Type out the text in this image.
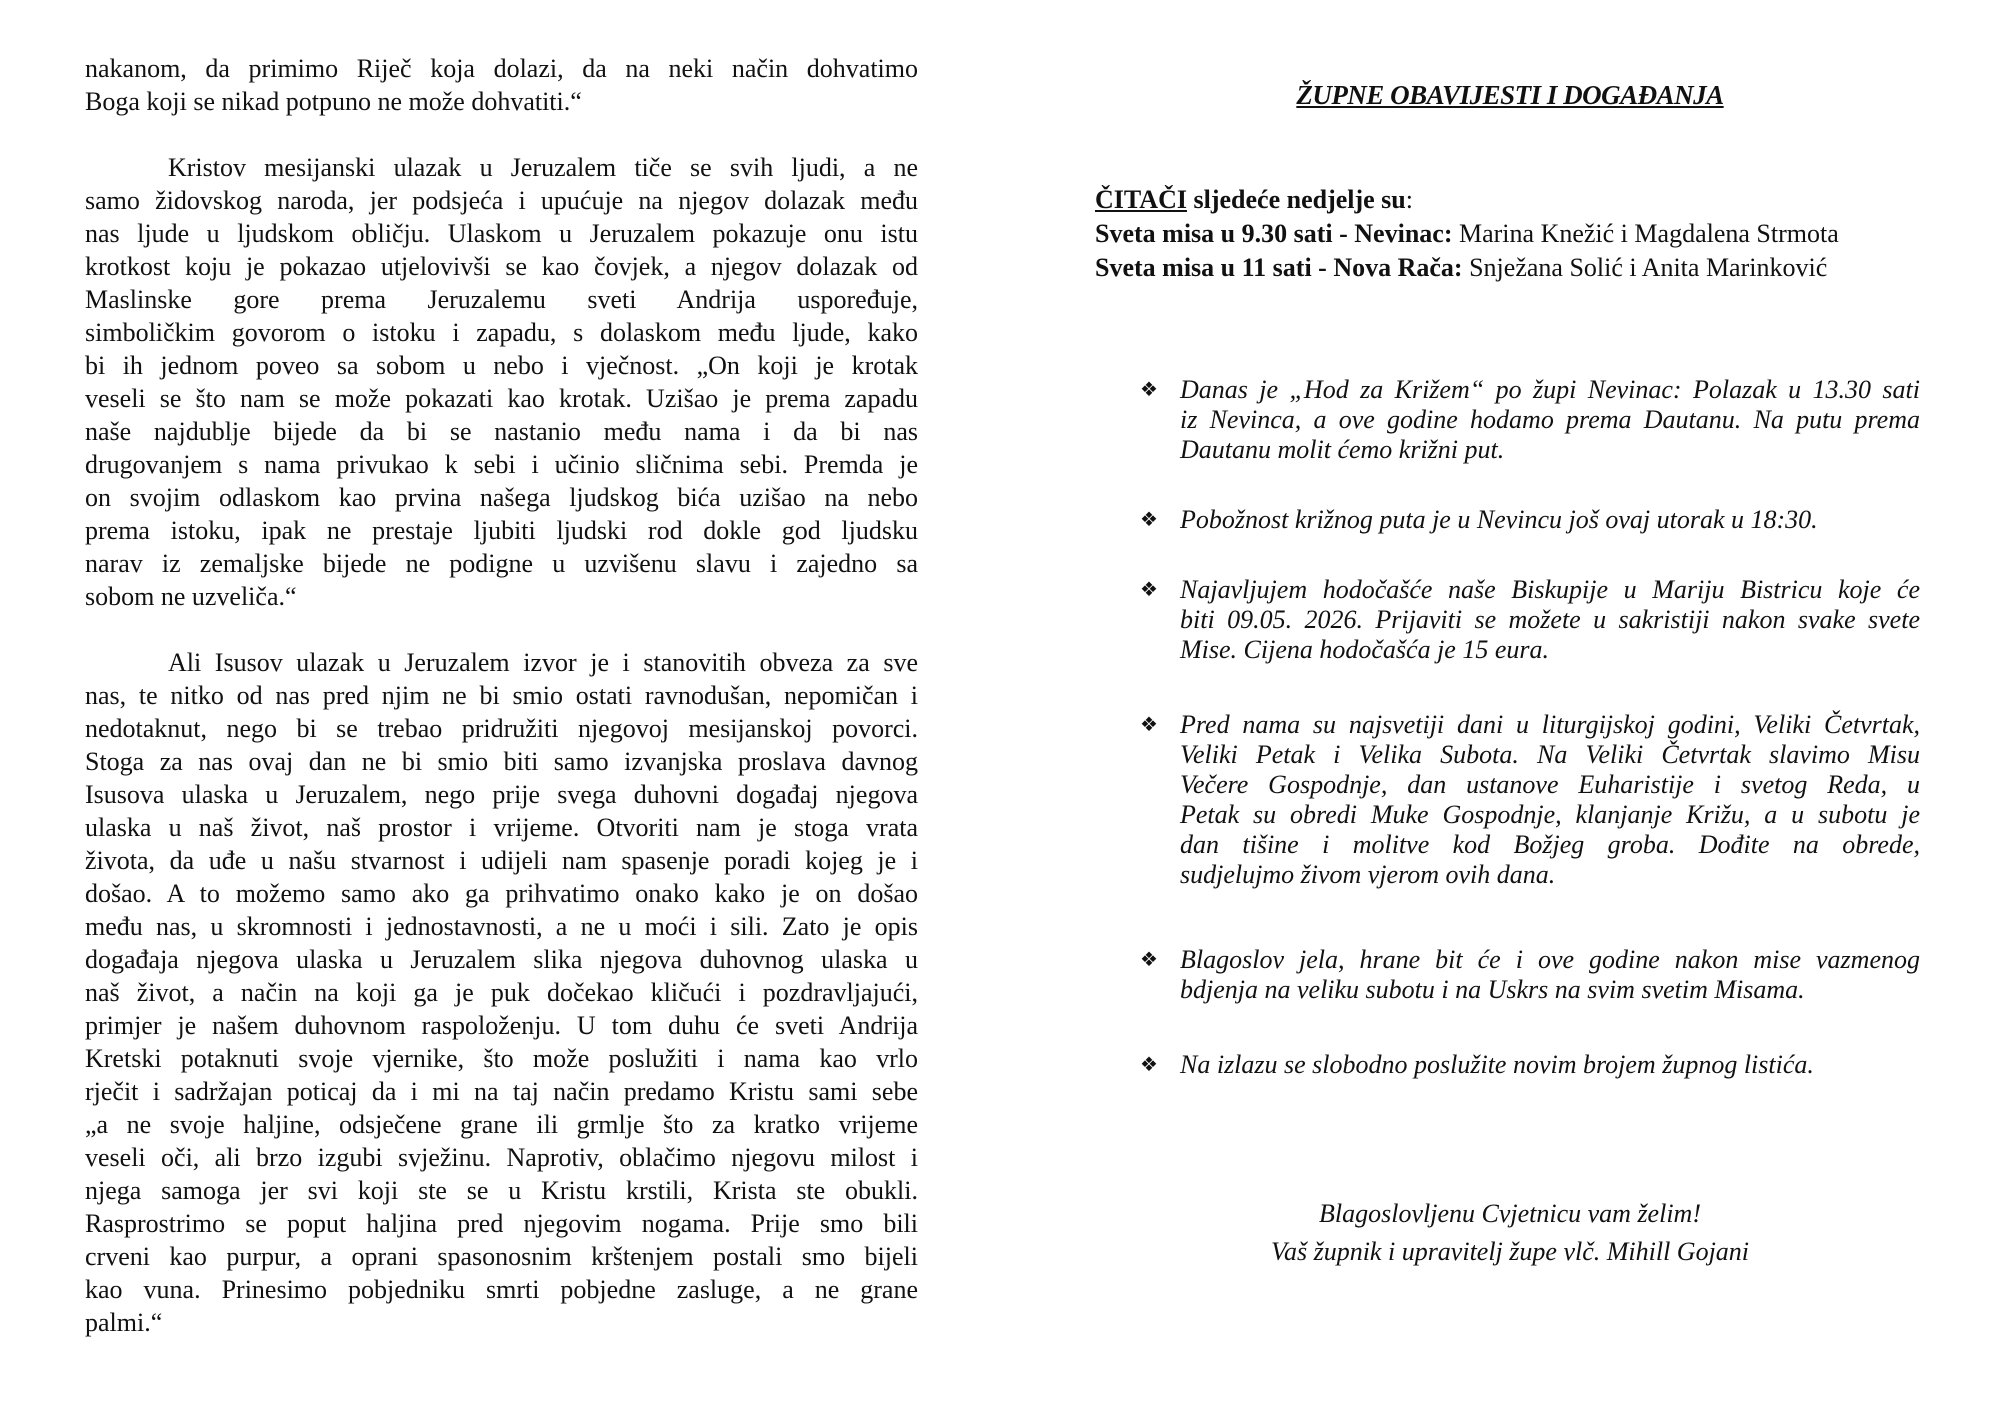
nakanom, da primimo Riječ koja dolazi, da na neki način dohvatimo
Boga koji se nikad potpuno ne može dohvatiti.“
Kristov mesijanski ulazak u Jeruzalem tiče se svih ljudi, a ne
samo židovskog naroda, jer podsjeća i upućuje na njegov dolazak među
nas ljude u ljudskom obličju. Ulaskom u Jeruzalem pokazuje onu istu
krotkost koju je pokazao utjelovivši se kao čovjek, a njegov dolazak od
Maslinske gore prema Jeruzalemu sveti Andrija uspoređuje,
simboličkim govorom o istoku i zapadu, s dolaskom među ljude, kako
bi ih jednom poveo sa sobom u nebo i vječnost. „On koji je krotak
veseli se što nam se može pokazati kao krotak. Uzišao je prema zapadu
naše najdublje bijede da bi se nastanio među nama i da bi nas
drugovanjem s nama privukao k sebi i učinio sličnima sebi. Premda je
on svojim odlaskom kao prvina našega ljudskog bića uzišao na nebo
prema istoku, ipak ne prestaje ljubiti ljudski rod dokle god ljudsku
narav iz zemaljske bijede ne podigne u uzvišenu slavu i zajedno sa
sobom ne uzveliča.“
Ali Isusov ulazak u Jeruzalem izvor je i stanovitih obveza za sve
nas, te nitko od nas pred njim ne bi smio ostati ravnodušan, nepomičan i
nedotaknut, nego bi se trebao pridružiti njegovoj mesijanskoj povorci.
Stoga za nas ovaj dan ne bi smio biti samo izvanjska proslava davnog
Isusova ulaska u Jeruzalem, nego prije svega duhovni događaj njegova
ulaska u naš život, naš prostor i vrijeme. Otvoriti nam je stoga vrata
života, da uđe u našu stvarnost i udijeli nam spasenje poradi kojeg je i
došao. A to možemo samo ako ga prihvatimo onako kako je on došao
među nas, u skromnosti i jednostavnosti, a ne u moći i sili. Zato je opis
događaja njegova ulaska u Jeruzalem slika njegova duhovnog ulaska u
naš život, a način na koji ga je puk dočekao kličući i pozdravljajući,
primjer je našem duhovnom raspoloženju. U tom duhu će sveti Andrija
Kretski potaknuti svoje vjernike, što može poslužiti i nama kao vrlo
rječit i sadržajan poticaj da i mi na taj način predamo Kristu sami sebe
„a ne svoje haljine, odsječene grane ili grmlje što za kratko vrijeme
veseli oči, ali brzo izgubi svježinu. Naprotiv, oblačimo njegovu milost i
njega samoga jer svi koji ste se u Kristu krstili, Krista ste obukli.
Rasprostrimo se poput haljina pred njegovim nogama. Prije smo bili
crveni kao purpur, a oprani spasonosnim krštenjem postali smo bijeli
kao vuna. Prinesimo pobjedniku smrti pobjedne zasluge, a ne grane
palmi.“
ŽUPNE OBAVIJESTI I DOGAĐANJA
ČITAČI sljedeće nedjelje su:
Sveta misa u 9.30 sati - Nevinac: Marina Knežić i Magdalena Strmota
Sveta misa u 11 sati - Nova Rača: Snježana Solić i Anita Marinković
❖ Danas je „Hod za Križem“ po župi Nevinac: Polazak u 13.30 sati
iz Nevinca, a ove godine hodamo prema Dautanu. Na putu prema
Dautanu molit ćemo križni put.
❖ Pobožnost križnog puta je u Nevincu još ovaj utorak u 18:30.
❖ Najavljujem hodočašće naše Biskupije u Mariju Bistricu koje će
biti 09.05. 2026. Prijaviti se možete u sakristiji nakon svake svete
Mise. Cijena hodočašća je 15 eura.
❖ Pred nama su najsvetiji dani u liturgijskoj godini, Veliki Četvrtak,
Veliki Petak i Velika Subota. Na Veliki Četvrtak slavimo Misu
Večere Gospodnje, dan ustanove Euharistije i svetog Reda, u
Petak su obredi Muke Gospodnje, klanjanje Križu, a u subotu je
dan tišine i molitve kod Božjeg groba. Dođite na obrede,
sudjelujmo živom vjerom ovih dana.
❖ Blagoslov jela, hrane bit će i ove godine nakon mise vazmenog
bdjenja na veliku subotu i na Uskrs na svim svetim Misama.
❖ Na izlazu se slobodno poslužite novim brojem župnog listića.
Blagoslovljenu Cvjetnicu vam želim!
Vaš župnik i upravitelj župe vlč. Mihill Gojani
